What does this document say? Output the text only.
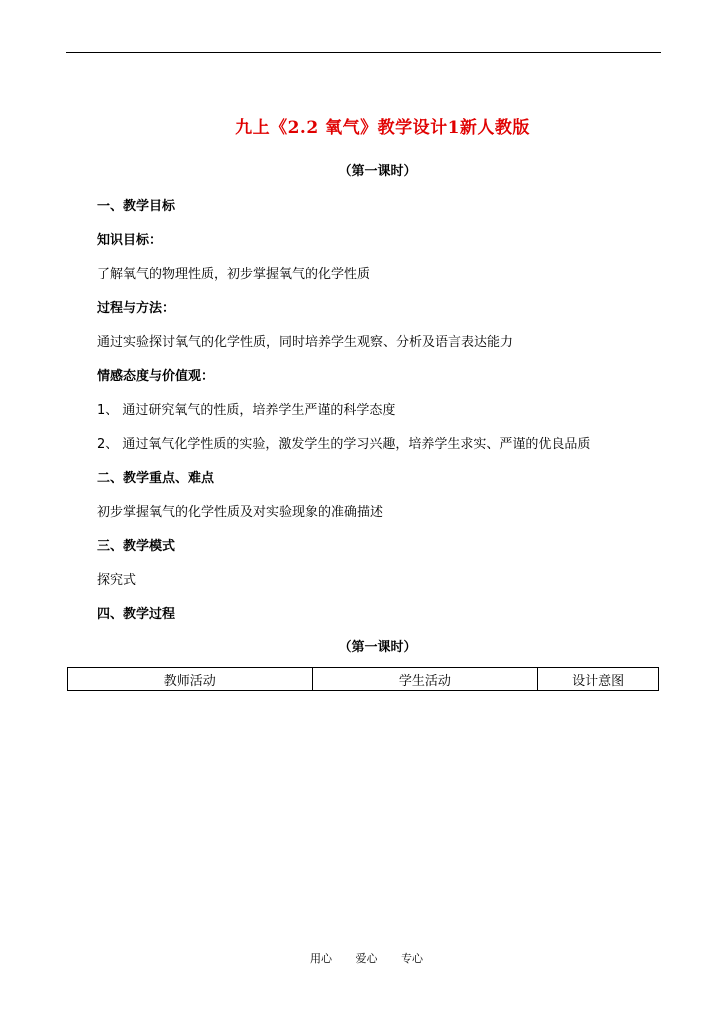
九上《2.2 氧气》教学设计1新人教版
（第一课时）
一、教学目标
知识目标：
了解氧气的物理性质，初步掌握氧气的化学性质
过程与方法：
通过实验探讨氧气的化学性质，同时培养学生观察、分析及语言表达能力
情感态度与价值观：
1、 通过研究氧气的性质，培养学生严谨的科学态度
2、 通过氧气化学性质的实验，激发学生的学习兴趣，培养学生求实、严谨的优良品质
二、教学重点、难点
初步掌握氧气的化学性质及对实验现象的准确描述
三、教学模式
探究式
四、教学过程
（第一课时）
教师活动	学生活动	设计意图
用心 爱心 专心
